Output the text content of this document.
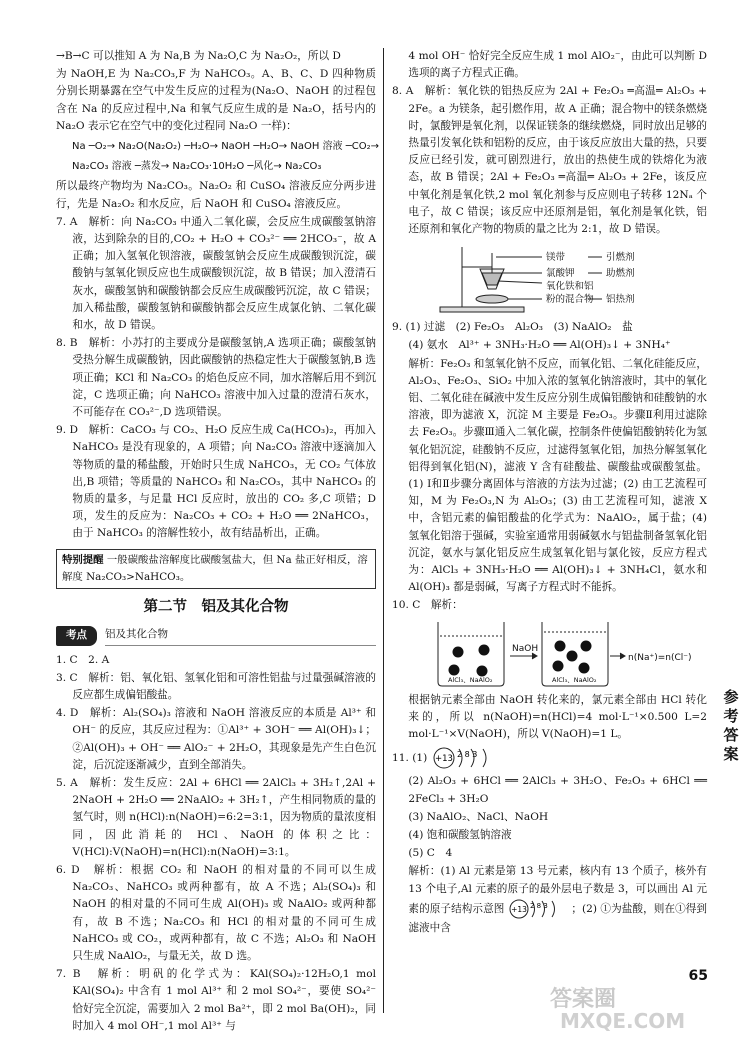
→B→C 可以推知 A 为 Na,B 为 Na₂O,C 为 Na₂O₂，所以 D

为 NaOH,E 为 Na₂CO₃,F 为 NaHCO₃。A、B、C、D 四种物质分别长期暴露在空气中发生反应的过程为(Na₂O、NaOH 的过程包含在 Na 的反应过程中,Na 和氧气反应生成的是 Na₂O，括号内的 Na₂O 表示它在空气中的变化过程同 Na₂O 一样)：

Na ─O₂→ Na₂O(Na₂O₂) ─H₂O→ NaOH ─H₂O→ NaOH 溶液 ─CO₂→
Na₂CO₃ 溶液 ─蒸发→ Na₂CO₃·10H₂O ─风化→ Na₂CO₃

所以最终产物均为 Na₂CO₃。Na₂O₂ 和 CuSO₄ 溶液反应分两步进行，先是 Na₂O₂ 和水反应，后 NaOH 和 CuSO₄ 溶液反应。

7. A　解析：向 Na₂CO₃ 中通入二氧化碳，会反应生成碳酸氢钠溶液，达到除杂的目的,CO₂ + H₂O + CO₃²⁻ ══ 2HCO₃⁻，故 A 正确；加入氢氧化钡溶液，碳酸氢钠会反应生成碳酸钡沉淀，碳酸钠与氢氧化钡反应也生成碳酸钡沉淀，故 B 错误；加入澄清石灰水，碳酸氢钠和碳酸钠都会反应生成碳酸钙沉淀，故 C 错误；加入稀盐酸，碳酸氢钠和碳酸钠都会反应生成氯化钠、二氧化碳和水，故 D 错误。

8. B　解析：小苏打的主要成分是碳酸氢钠,A 选项正确；碳酸氢钠受热分解生成碳酸钠，因此碳酸钠的热稳定性大于碳酸氢钠,B 选项正确；KCl 和 Na₂CO₃ 的焰色反应不同，加水溶解后用不到沉淀，C 选项正确；向 NaHCO₃ 溶液中加入过量的澄清石灰水，不可能存在 CO₃²⁻,D 选项错误。

9. D　解析：CaCO₃ 与 CO₂、H₂O 反应生成 Ca(HCO₃)₂，再加入 NaHCO₃ 是没有现象的，A 项错；向 Na₂CO₃ 溶液中逐滴加入等物质的量的稀盐酸，开始时只生成 NaHCO₃，无 CO₂ 气体放出,B 项错；等质量的 NaHCO₃ 和 Na₂CO₃，其中 NaHCO₃ 的物质的量多，与足量 HCl 反应时，放出的 CO₂ 多,C 项错；D 项，发生的反应为：Na₂CO₃ + CO₂ + H₂O ══ 2NaHCO₃，由于 NaHCO₃ 的溶解性较小，故有结晶析出，正确。

特别提醒 一般碳酸盐溶解度比碳酸氢盐大，但 Na 盐正好相反，溶解度 Na₂CO₃>NaHCO₃。
第二节　铝及其化合物
考点	铝及其化合物

1. C　2. A

3. C　解析：铝、氧化铝、氢氧化铝和可溶性铝盐与过量强碱溶液的反应都生成偏铝酸盐。

4. D　解析：Al₂(SO₄)₃ 溶液和 NaOH 溶液反应的本质是 Al³⁺ 和 OH⁻ 的反应，其反应过程为：①Al³⁺ + 3OH⁻ ══ Al(OH)₃↓；②Al(OH)₃ + OH⁻ ══ AlO₂⁻ + 2H₂O，其现象是先产生白色沉淀，后沉淀逐渐减少，直到全部消失。

5. A　解析：发生反应：2Al + 6HCl ══ 2AlCl₃ + 3H₂↑,2Al + 2NaOH + 2H₂O ══ 2NaAlO₂ + 3H₂↑，产生相同物质的量的氢气时，则 n(HCl):n(NaOH)=6:2=3:1，因为物质的量浓度相同，因此消耗的 HCl、NaOH 的体积之比：V(HCl):V(NaOH)=n(HCl):n(NaOH)=3:1。

6. D　解析：根据 CO₂ 和 NaOH 的相对量的不同可以生成 Na₂CO₃、NaHCO₃ 或两种都有，故 A 不选；Al₂(SO₄)₃ 和 NaOH 的相对量的不同可生成 Al(OH)₃ 或 NaAlO₂ 或两种都有，故 B 不选；Na₂CO₃ 和 HCl 的相对量的不同可生成 NaHCO₃ 或 CO₂，或两种都有，故 C 不选；Al₂O₃ 和 NaOH 只生成 NaAlO₂，与量无关，故 D 选。

7. B　解析：明矾的化学式为：KAl(SO₄)₂·12H₂O,1 mol KAl(SO₄)₂ 中含有 1 mol Al³⁺ 和 2 mol SO₄²⁻，要使 SO₄²⁻ 恰好完全沉淀，需要加入 2 mol Ba²⁺，即 2 mol Ba(OH)₂，同时加入 4 mol OH⁻,1 mol Al³⁺ 与

4 mol OH⁻ 恰好完全反应生成 1 mol AlO₂⁻，由此可以判断 D 选项的离子方程式正确。

8. A　解析：氧化铁的铝热反应为 2Al + Fe₂O₃ ═高温═ Al₂O₃ + 2Fe。a 为镁条，起引燃作用，故 A 正确；混合物中的镁条燃烧时，氯酸钾是氧化剂，以保证镁条的继续燃烧，同时放出足够的热量引发氧化铁和铝粉的反应，由于该反应放出大量的热，只要反应已经引发，就可剧烈进行，放出的热使生成的铁熔化为液态，故 B 错误；2Al + Fe₂O₃ ═高温═ Al₂O₃ + 2Fe，该反应中氧化剂是氧化铁,2 mol 氧化剂参与反应则电子转移 12Nₐ 个电子，故 C 错误；该反应中还原剂是铝，氧化剂是氧化铁，铝还原剂和氧化产物的物质的量之比为 2:1，故 D 错误。

镁带	引燃剂
氯酸钾	助燃剂
氧化铁和铝
粉的混合物 铝热剂

9. (1) 过滤　(2) Fe₂O₃　Al₂O₃　(3) NaAlO₂　盐

(4) 氨水　Al³⁺ + 3NH₃·H₂O ══ Al(OH)₃↓ + 3NH₄⁺

解析：Fe₂O₃ 和氢氧化钠不反应，而氧化铝、二氧化硅能反应，Al₂O₃、Fe₂O₃、SiO₂ 中加入浓的氢氧化钠溶液时，其中的氧化铝、二氧化硅在碱液中发生反应分别生成偏铝酸钠和硅酸钠的水溶液，即为滤液 X，沉淀 M 主要是 Fe₂O₃。步骤Ⅱ利用过滤除去 Fe₂O₃。步骤Ⅲ通入二氧化碳，控制条件使偏铝酸钠转化为氢氧化铝沉淀，硅酸钠不反应，过滤得氢氧化铝，加热分解氢氧化铝得到氧化铝(N)，滤液 Y 含有硅酸盐、碳酸盐或碳酸氢盐。(1) Ⅰ和Ⅱ步骤分离固体与溶液的方法为过滤；(2) 由工艺流程可知，M 为 Fe₂O₃,N 为 Al₂O₃；(3) 由工艺流程可知，滤液 X 中，含铝元素的偏铝酸盐的化学式为：NaAlO₂，属于盐；(4) 氢氧化铝溶于强碱，实验室通常用弱碱氨水与铝盐制备氢氧化铝沉淀，氨水与氯化铝反应生成氢氧化铝与氯化铵，反应方程式为：AlCl₃ + 3NH₃·H₂O ══ Al(OH)₃↓ + 3NH₄Cl，氨水和 Al(OH)₃ 都是弱碱，写离子方程式时不能拆。

10. C　解析：

NaOH
n(Na⁺)=n(Cl⁻)
AlCl₃、NaAlO₂	AlCl₃、NaAlO₂

根据钠元素全部由 NaOH 转化来的，氯元素全部由 HCl 转化来的，所以 n(NaOH)=n(HCl)=4 mol·L⁻¹×0.500 L=2 mol·L⁻¹×V(NaOH)，所以 V(NaOH)=1 L。

11. (1) +13 2 8 3

(2) Al₂O₃ + 6HCl ══ 2AlCl₃ + 3H₂O、Fe₂O₃ + 6HCl ══ 2FeCl₃ + 3H₂O

(3) NaAlO₂、NaCl、NaOH

(4) 饱和碳酸氢钠溶液

(5) C　4

解析：(1) Al 元素是第 13 号元素，核内有 13 个质子，核外有 13 个电子,Al 元素的原子的最外层电子数是 3，可以画出 Al 元素的原子结构示意图 +13 2 8 3 ；(2) ①为盐酸，则在①得到滤液中含

参考答案
65
答案圈
MXQE.COM
